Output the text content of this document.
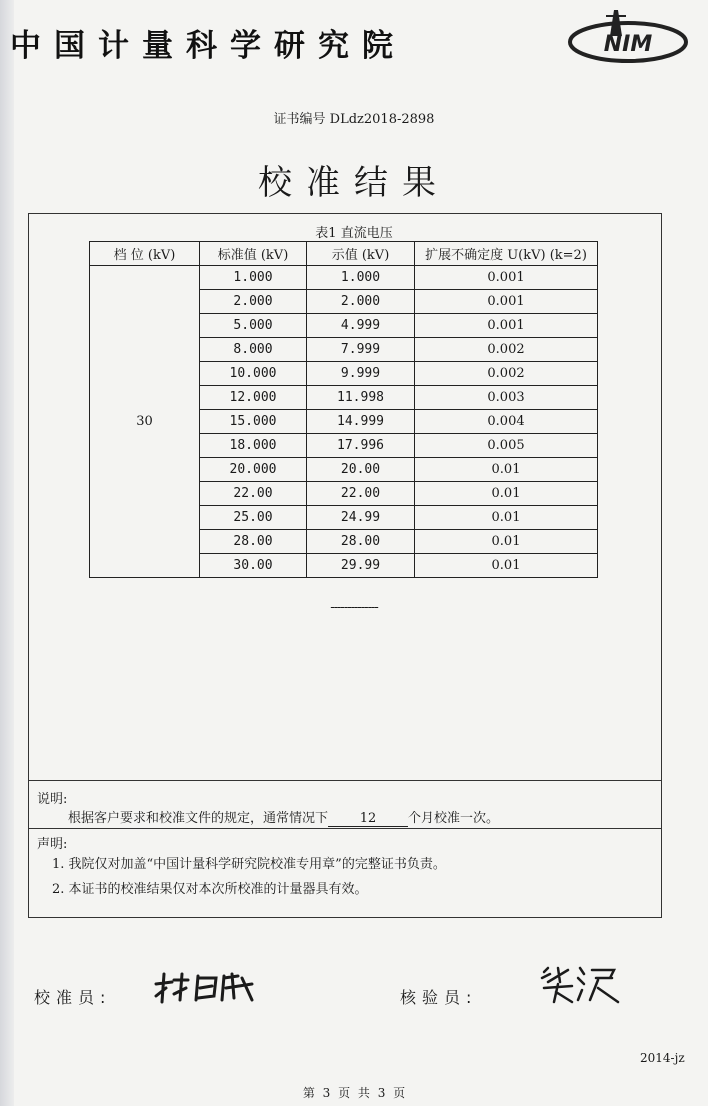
中国计量科学研究院	NIM
证书编号 DLdz2018-2898
校准结果
表1 直流电压
档 位 (kV)	标准值 (kV)	示值 (kV)	扩展不确定度 U(kV) (k=2)
30	1.000	1.000	0.001
	2.000	2.000	0.001
	5.000	4.999	0.001
	8.000	7.999	0.002
	10.000	9.999	0.002
	12.000	11.998	0.003
	15.000	14.999	0.004
	18.000	17.996	0.005
	20.000	20.00	0.01
	22.00	22.00	0.01
	25.00	24.99	0.01
	28.00	28.00	0.01
	30.00	29.99	0.01
--------------
说明:
根据客户要求和校准文件的规定，通常情况下 12 个月校准一次。
声明:
1. 我院仅对加盖“中国计量科学研究院校准专用章”的完整证书负责。
2. 本证书的校准结果仅对本次所校准的计量器具有效。
校准员:	核验员:
2014-jz
第 3 页 共 3 页
